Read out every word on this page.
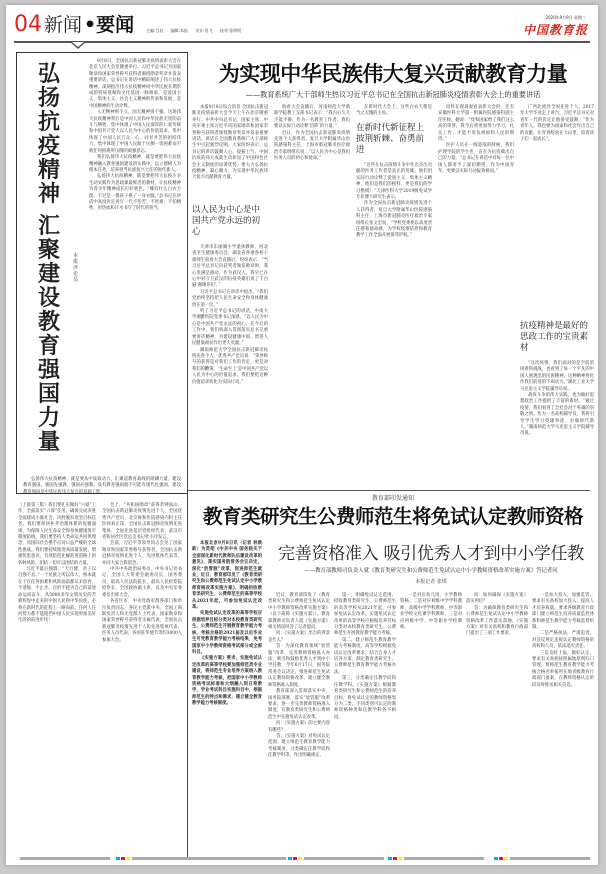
04 新闻 •要闻	主编:吕辰 编辑:本报 设计:肖飞 校对:张明明
2020年9月9日 星期三
中国教育报
弘
扬
抗
疫
精
神
汇
聚
建
设
教
育
强
国
力
量
本报评论员

9月8日，全国抗击新冠肺炎疫情表彰大会在北京人民大会堂隆重举行。习近平总书记为国家勋章和国家荣誉称号获得者颁授勋章奖章并发表重要讲话。总书记在讲话中精辟阐述了伟大抗疫精神，深刻指出伟大抗疫精神同中华民族长期形成的特质禀赋和文化基因一脉相承，是爱国主义、集体主义、社会主义精神的传承和发展，是中国精神的生动诠释。

人无精神则不立，国无精神则不强。这场伟大抗疫精神背后是中国人民和中华民族无畏的奋斗与牺牲，集中体现了中国人民深厚的仁爱传统和中国共产党人以人民为中心的价值追求，集中体现了中国人民万众一心、同甘共苦的团结伟力，集中体现了中国人民敢于压倒一切困难而不被任何困难所压倒的顽强意志。

我们弘扬伟大抗疫精神，就是要把伟大抗疫精神融入教育强国建设的实践中，以立德树人为根本任务，培养担当民族复兴大任的时代新人。

弘扬伟大抗疫精神，就是要把伟大抗疫斗争生动实践作为思政课最鲜活的教材，让抗疫精神为青少年精神成长打好底色。“哪有什么白衣天使，不过是一群孩子换了一身衣服。”总书记在讲话中高度肯定青年一代不怕苦、不畏难、不怕牺牲，用热血和汗水书写了时代的担当。

弘扬伟大抗疫精神，就是要从中汲取动力，汇聚起教育战线的磅礴力量，建设教育强国。强国先强教，强国必强教。没有教育强国就不可能有现代化强国，建设教育强国是中华民族伟大复兴的基础工程。

（上接第三版）我们要扎实做好“六稳”工作，全面落实“六保”任务，确保完成决胜全面建成小康社会、决胜脱贫攻坚目标任务。我们要加快补齐治理体系的短板弱项，为保障人民生命安全和身体健康筑牢制度防线。我们要坚持人类命运共同体理念，同国际社会携手应对日益严峻的全球性挑战。我们要持续推进高质量发展，增强忧患意识，有效防范化解前进道路上的各种风险，团结一切可以团结的力量。

习近平最后强调，“天行健，君子以自强不息。”一个民族之所以伟大，根本就在于在任何困难和风险面前都从未放弃、不退缩、不止步，百折不挠为自己的前途命运而奋斗。从5000多年文明历史的苦难辉煌中走来的中国人民和中华民族，必将在新时代的征程上一路向前。任何人任何势力都不能阻挡中国人民实现更加美好生活的前进步伐！

会上，“共和国勋章”获得者钟南山，全国抗击新冠肺炎疫情先进个人、全国优秀共产党员、北京协和医院感染内科主任医师刘正印，全国抗击新冠肺炎疫情先进集体、全国先进基层党组织代表、武汉市青和居社区党总支书记杜小玲发言。

会前，习近平等领导同志会见了国家勋章和国家荣誉称号获得者，全国抗击新冠肺炎疫情先进个人、先进集体代表等，并同大家合影留念。

中共中央政治局委员、中央书记处书记，全国人大常委会副委员长，国务委员，最高人民法院院长，最高人民检察院检察长，全国政协副主席，以及中央军委委员出席大会。

各省区市、中央党政军群各部门和单位负责同志，各民主党派中央、全国工商联负责人和无党派人士代表，国家勋章和国家荣誉称号获得者亲属代表，全国抗击新冠肺炎疫情先进个人和先进集体代表，医务人员代表，各国驻华使节等约3000人参加大会。

为实现中华民族伟大复兴贡献教育力量
——教育系统广大干部师生热议习近平总书记在全国抗击新冠肺炎疫情表彰大会上的重要讲话

本报9月8日综合消息 全国抗击新冠肺炎疫情表彰大会今天上午在北京隆重举行。中共中央总书记、国家主席、中央军委主席习近平向国家勋章和国家荣誉称号获得者颁授勋章奖章并发表重要讲话。讲话在全国教育系统广大干部师生中引起强烈反响。大家纷纷表示，总书记的讲话鼓舞人心、提振士气，中国抗疫的伟大成就生动彰显了中国特色社会主义制度的显著优势，要大力弘扬抗疫精神，凝心聚力，为实现中华民族伟大复兴贡献教育力量。

以人民为中心是中国共产党永远的初心

天津市东丽湖小学退休教师、河北省卫生健康委员会、湖北省各地各校干部师生收看大会直播后，纷纷表示：“当习近平总书记向获奖者颁发勋章时，我心里满是感动，作为武汉人，我早已在心中对守卫武汉的抗疫英雄们说了千百遍‘谢谢你们’。”

习近平总书记在讲话中指出，“我们党始终坚持把人民生命安全和身体健康放在第一位。”

听了习近平总书记的讲话，中南大学湘雅医院党委书记深感，“以人民为中心是中国共产党永远的初心。在今后的工作中，我们将深入贯彻落实总书记重要讲话精神，为建设健康中国、增进人民健康福祉作出更大贡献。”

湖南师范大学全国抗击新冠肺炎疫情先进个人、优秀共产党员说：“荣誉称号的获得是对我们工作的肯定，更是对我们的鞭策。‘生命至上’是中国共产党以人民为中心的价值追求，我们要把这种价值追求转化为实际行动。”

收看大会直播后，河南师范大学新联学院教工支部书记表示：“我内心久久不能平静。作为一名教育工作者，我们要以实际行动诠释‘信仰’的力量。”

近日，作为全国抗击新冠肺炎疫情先进个人获得者，复旦大学附属华山医院感染科主任、上海市新冠肺炎医疗救治专家组组长说：“以人民为中心是我们医务人员的初心和使命。”

在新时代大会上，这些白衣天使是当之无愧的主角。

在新时代新征程上披荆斩棘、奋勇前进

“这些在抗击疫情斗争中作出杰出贡献的医务工作者是真正的英雄。他们用实际行动诠释了爱国主义、集体主义精神，他们是我们的榜样，更是我们的学习楷模！”天津医科大学2019级免试学专业博士研究生表示。

作为全国抗击新冠肺炎疫情先进个人获得者，复旦大学附属华山医院感染科主任、上海市新冠肺炎医疗救治专家组组长张文宏说，“学校党委将以高度责任感和使命感，为学校疫情防控和教育教学工作全面开展保驾护航。”

同样在现场观看表彰大会的，还有安徽医科大学第一附属医院感染科副主任医师，她说：“党和国家给了我们这么高的荣誉，我今后将更加努力学习，扎实工作，才能不辜负祖国和人民的期待。”

医护人员在一线迎战的时候，我们护理学院的学生也一直在为抗疫做出自己的力量。“总书记在讲话中对每一位中国人都寄予了深切期望，作为中国青年，更要以实际行动报效祖国。”

广西北流县全国先进个人、2017年大学毕业走上讲台，习近平总书记对青年一代的肯定让他备受鼓舞，“作为青年人，我也要为国家和社会作出自己的贡献，让青春绽放在大山里，陪着孩子们一起成长”。

抗疫精神是最好的思政工作的宝贵素材

“这次疫情，我们面对的是空前的困难和挑战，也看到了每一个平凡的中国人展现出的民族精神。这种精神将化作我们前进的不竭动力。”湖北工业大学马克思主义学院辅导员说。

战疫斗争的伟大实践，也为做好思想政治工作提供了丰富的素材。“通过疫情，我们看到了全社会对于英雄的崇敬之情。作为一名高校辅导员，我将引导学生学习英雄事迹，争做时代新人。”湖南师范大学马克思主义学院辅导员说。

教育部印发通知
教育类研究生公费师范生将免试认定教师资格

本报北京9月8日讯（记者 林焕新）为贯彻《中共中央 国务院关于全面深化新时代教师队伍建设改革的意见》，落实国务院常务会议决定，深化“放管服”改革，促进师范生就业，近日，教育部印发了《教育类研究生和公费师范生免试认定中小学教师资格改革实施方案》，明确招收教育类研究生、公费师范生的高等学校从2021年起，可参加免试认定改革。

实施免试认定改革的高等学校应根据培养目标分类对本校教育类研究生、公费师范生开展教育教学能力考核，考核合格的2021届及以后毕业生可凭教育教学能力考核结果，免考国家中小学教师资格考试部分或全部科目。

《实施方案》要求，实施免试认定改革的高等学校要加强师范类专业建设，将师范生专业培养方案纳入教育教学能力考核，把国家中小学教师资格考试标准和大纲融入到日常教学，学业考试科目实施科目中，根据师范生的特点和需求，建立健全教育教学能力考核制度。

完善资格准入 吸引优秀人才到中小学任教
——教育部教师司负责人就《教育类研究生和公费师范生免试认定中小学教师资格改革实施方案》答记者问
本报记者 张琪

近日，教育部印发了《教育类研究生和公费师范生免试认定中小学教师资格改革实施方案》（以下简称《实施方案》）。教育部教师司负责人就《实施方案》相关情况回答了记者提问。

问：《实施方案》出台的背景是什么？

答：为深化教育领域“放管服”改革，完善教师资格准入办法，吸引和鼓励优秀人才到中小学任教，今年6月17日，国务院常务会议决定，推进师范生免试认定教师资格改革，建立健全教师资格准入制度。

教育部深入贯彻落实中央、国务院部署，落实“放管服”改革要求，进一步完善教师资格准入制度，在教育类研究生和公费师范生中实施免试认定改革。

问：《实施方案》的主要内容有哪些？

答：《实施方案》对免试认定范围、建立师范生教育教学能力考核制度、分类确定任教学段和任教学科等，作出明确规定。

第一，明确免试认定范围。招收教育类研究生、公费师范生的高等学校从2021年起，可参加免试认定改革。实施免试认定改革的高等学校应根据培养目标分类对本校教育类研究生、公费师范生开展教育教学能力考核。

第二，建立师范生教育教学能力考核制度。高等学校根据免试认定改革要求，结合自身人才培养方案，制定教育类研究生、公费师范生教育教学能力考核办法。

第三，分类确定任教学段和任教学科。《实施方案》根据教育类研究生和公费师范生的培养目标，将免试认定的教师资格划分为二类，不同类别可认定的教师资格种类和任教学科各不相同。

一是对应幼儿园、小学教师资格。二是对应初级中学学科教师、高级中学学科教师、中等职业学校文化课学科教师。三是对应初级中学、中等职业学校教师。

问：如何确保《实施方案》落实到位？

答：为确保教育类研究生和公费师范生免试认定中小学教师资格改革工作落实落地，《实施方案》对有关高校和教育行政部门提出了三项工作要求。

一是加大投入，加强监管。要求有关高校加大投入，提高人才培养质量。要求各级教育行政部门建立师范生培养质量监控体系和师范生教学能力考核监督机制。

二是严格执法，严肃追责。对违反规定违规认定教师资格的高校和人员，依法追究责任。

三是及时上报，做好认定。要求有关高校按照属地原则归口管理，将师范生教育教学能力考核合格名单报所在地省级教育行政部门备案，在教师资格认定阶段及时推送相关信息。
